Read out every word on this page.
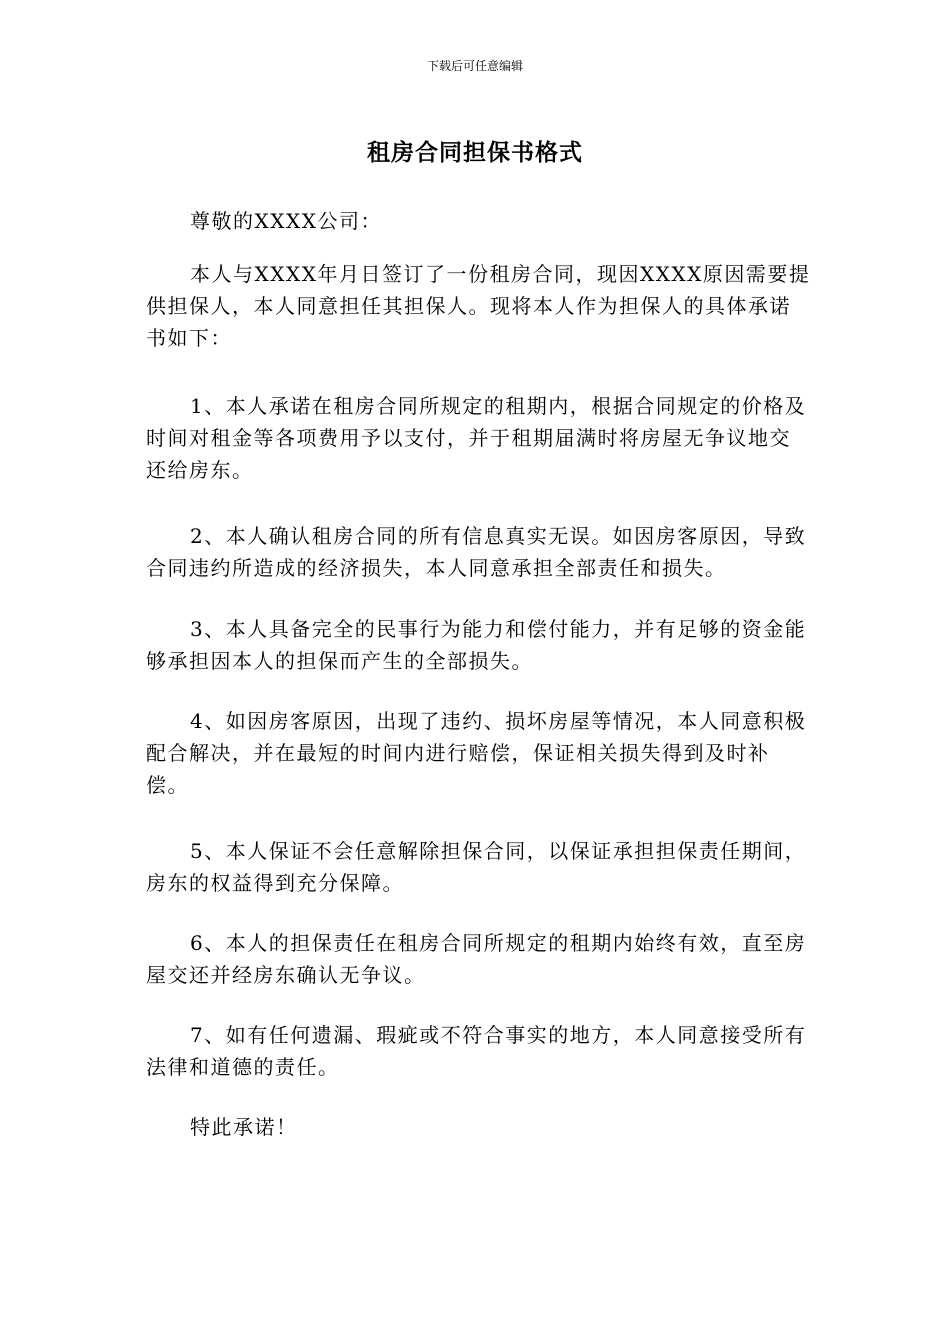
下载后可任意编辑
租房合同担保书格式

尊敬的XXXX公司：

本人与XXXX年月日签订了一份租房合同，现因XXXX原因需要提供担保人，本人同意担任其担保人。现将本人作为担保人的具体承诺书如下：

1、本人承诺在租房合同所规定的租期内，根据合同规定的价格及时间对租金等各项费用予以支付，并于租期届满时将房屋无争议地交还给房东。

2、本人确认租房合同的所有信息真实无误。如因房客原因，导致合同违约所造成的经济损失，本人同意承担全部责任和损失。

3、本人具备完全的民事行为能力和偿付能力，并有足够的资金能够承担因本人的担保而产生的全部损失。

4、如因房客原因，出现了违约、损坏房屋等情况，本人同意积极配合解决，并在最短的时间内进行赔偿，保证相关损失得到及时补偿。

5、本人保证不会任意解除担保合同，以保证承担担保责任期间，房东的权益得到充分保障。

6、本人的担保责任在租房合同所规定的租期内始终有效，直至房屋交还并经房东确认无争议。

7、如有任何遗漏、瑕疵或不符合事实的地方，本人同意接受所有法律和道德的责任。

特此承诺！
